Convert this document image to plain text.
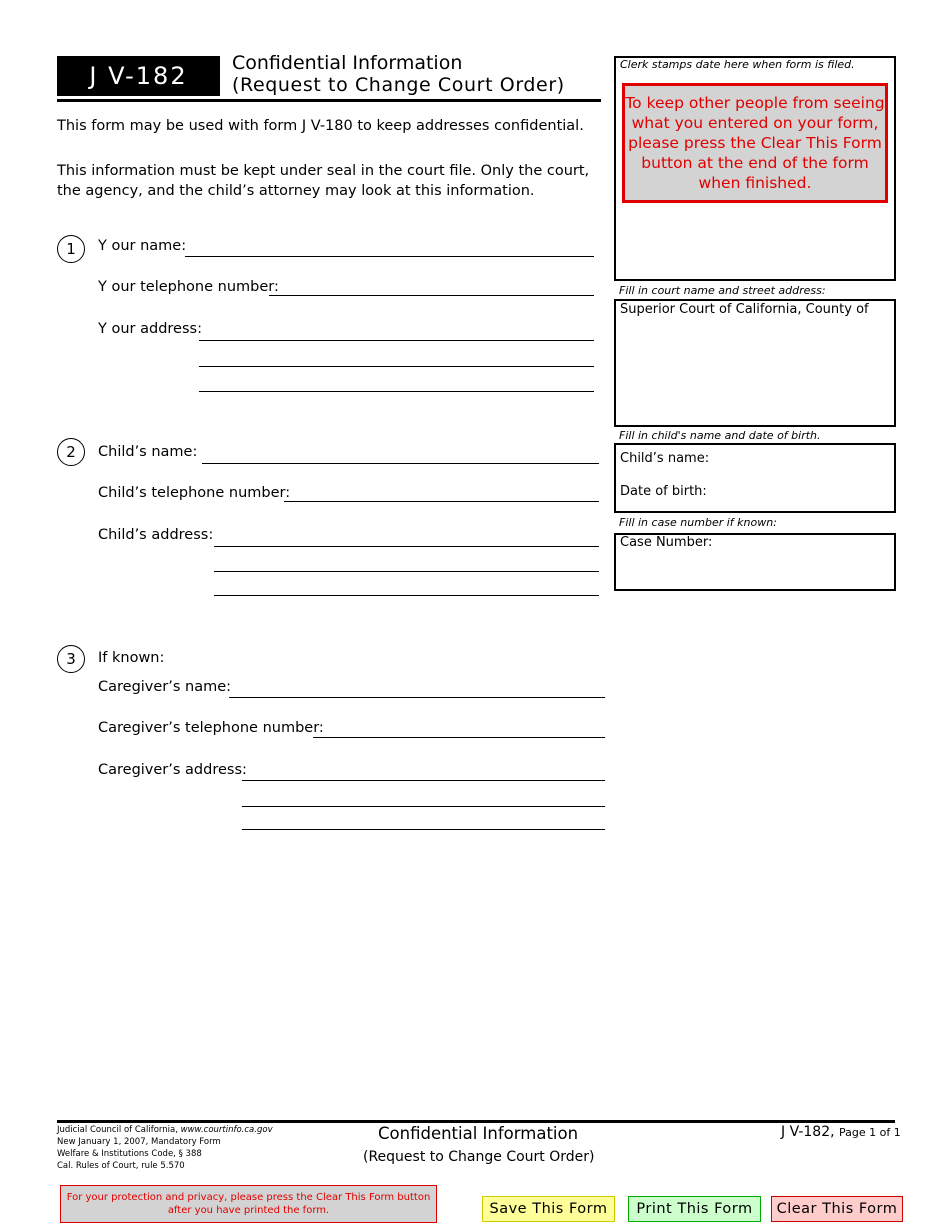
J V-182	Confidential Information
(Request to Change Court Order)
This form may be used with form J V-180 to keep addresses confidential.
This information must be kept under seal in the court file. Only the court, the agency, and the child’s attorney may look at this information.
1	Y our name:
Y our telephone number:
Y our address:
2	Child’s name:
Child’s telephone number:
Child’s address:
3	If known:
Caregiver’s name:
Caregiver’s telephone number:
Caregiver’s address:
Clerk stamps date here when form is filed.
To keep other people from seeing what you entered on your form, please press the Clear This Form button at the end of the form when finished.
Fill in court name and street address:
Superior Court of California, County of
Fill in child's name and date of birth.
Child’s name:
Date of birth:
Fill in case number if known:
Case Number:
Judicial Council of California, www.courtinfo.ca.gov
New January 1, 2007, Mandatory Form
Welfare & Institutions Code, § 388
Cal. Rules of Court, rule 5.570
Confidential Information
(Request to Change Court Order)
J V-182, Page 1 of 1
For your protection and privacy, please press the Clear This Form button after you have printed the form.	Save This Form	Print This Form	Clear This Form
